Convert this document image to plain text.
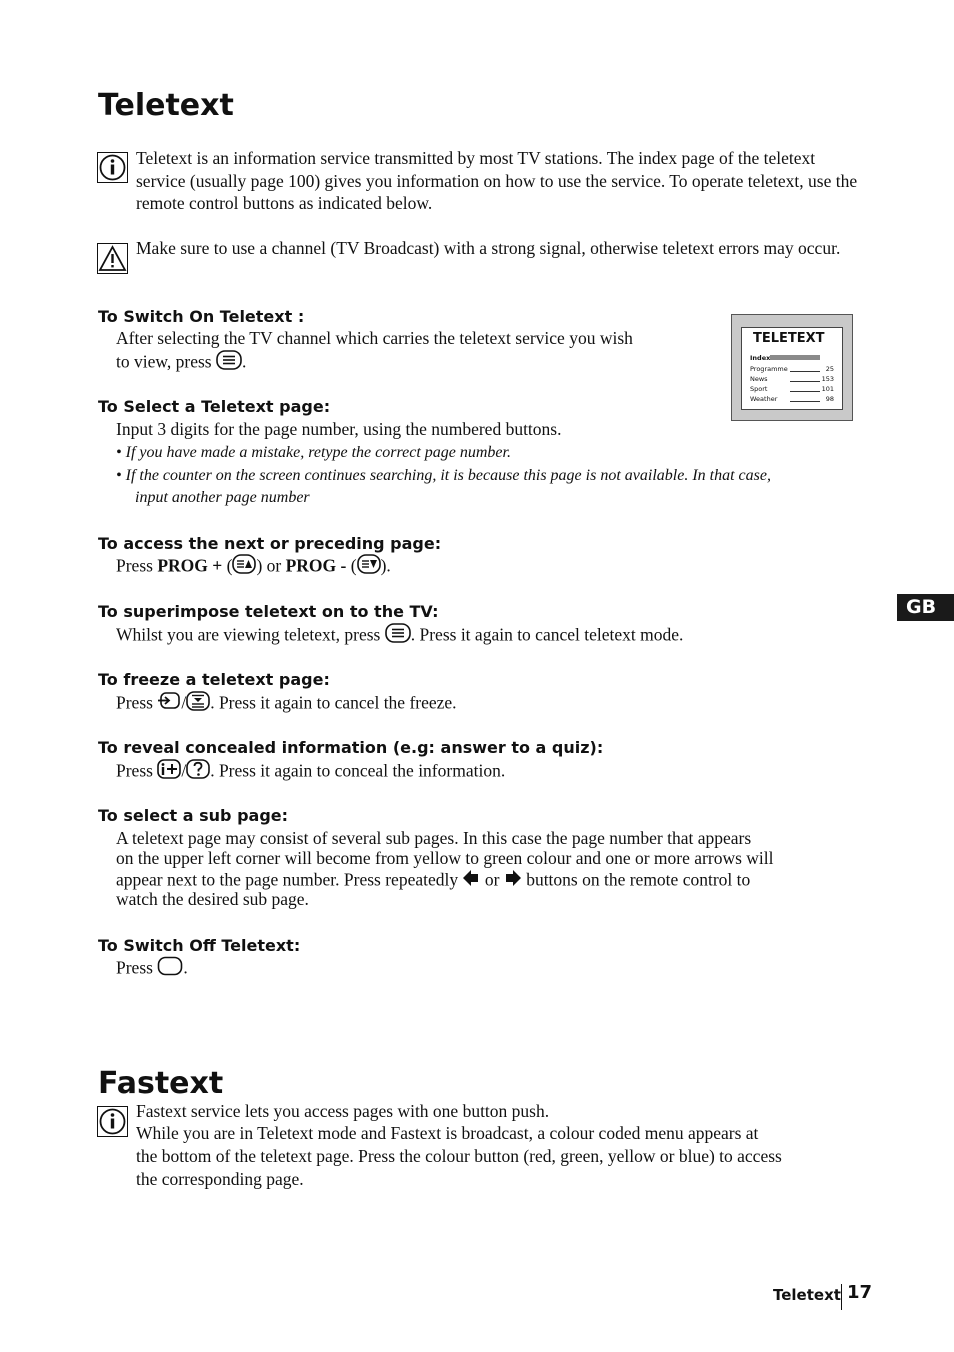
Teletext
Teletext is an information service transmitted by most TV stations. The index page of the teletext service (usually page 100) gives you information on how to use the service. To operate teletext, use the remote control buttons as indicated below.
Make sure to use a channel (TV Broadcast) with a strong signal, otherwise teletext errors may occur.
To Switch On Teletext :
After selecting the TV channel which carries the teletext service you wish
to view, press .
TELETEXT
Index
Programme	25
News	153
Sport	101
Weather	98
To Select a Teletext page:
Input 3 digits for the page number, using the numbered buttons.
• If you have made a mistake, retype the correct page number.
• If the counter on the screen continues searching, it is because this page is not available. In that case,
input another page number
To access the next or preceding page:
Press PROG + ( ) or PROG - ( ).
GB
To superimpose teletext on to the TV:
Whilst you are viewing teletext, press . Press it again to cancel teletext mode.
To freeze a teletext page:
Press / . Press it again to cancel the freeze.
To reveal concealed information (e.g: answer to a quiz):
Press / . Press it again to conceal the information.
To select a sub page:
A teletext page may consist of several sub pages. In this case the page number that appears
on the upper left corner will become from yellow to green colour and one or more arrows will
appear next to the page number. Press repeatedly or buttons on the remote control to
watch the desired sub page.
To Switch Off Teletext:
Press .
Fastext
Fastext service lets you access pages with one button push.
While you are in Teletext mode and Fastext is broadcast, a colour coded menu appears at
the bottom of the teletext page. Press the colour button (red, green, yellow or blue) to access
the corresponding page.
Teletext 17
